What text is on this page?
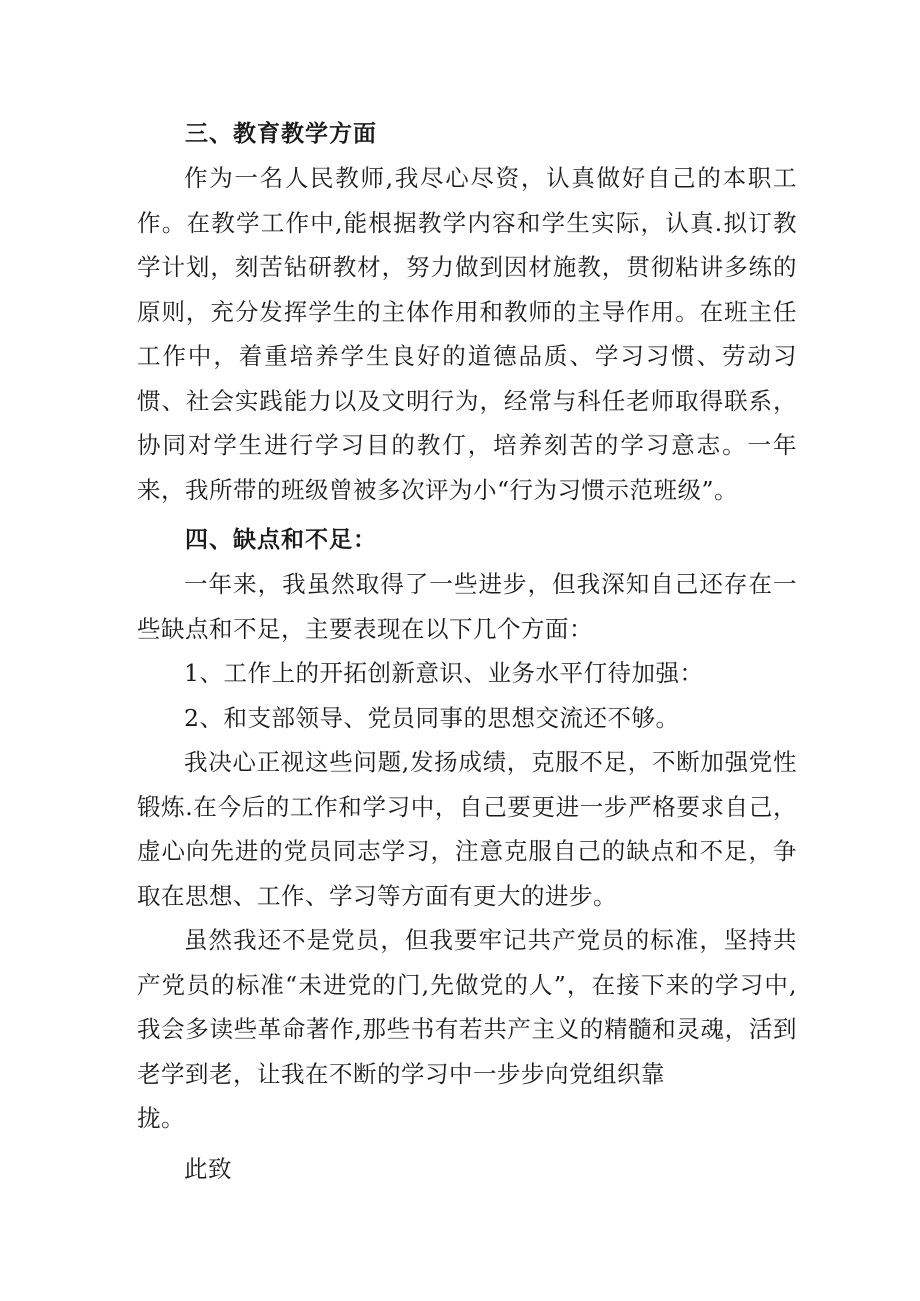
三、教育教学方面

作为一名人民教师,我尽心尽资，认真做好自己的本职工作。在教学工作中,能根据教学内容和学生实际，认真.拟订教学计划，刻苦钻研教材，努力做到因材施教，贯彻粘讲多练的原则，充分发挥学生的主体作用和教师的主导作用。在班主任工作中，着重培养学生良好的道德品质、学习习惯、劳动习惯、社会实践能力以及文明行为，经常与科任老师取得联系，协同对学生进行学习目的教仃，培养刻苦的学习意志。一年来，我所带的班级曾被多次评为小“行为习惯示范班级”。

四、缺点和不足：

一年来，我虽然取得了一些进步，但我深知自己还存在一些缺点和不足，主要表现在以下几个方面：

1、工作上的开拓创新意识、业务水平仃待加强：

2、和支部领导、党员同事的思想交流还不够。

我决心正视这些问题,发扬成绩，克服不足，不断加强党性锻炼.在今后的工作和学习中，自己要更进一步严格要求自己，虚心向先进的党员同志学习，注意克服自己的缺点和不足，争取在思想、工作、学习等方面有更大的进步。

虽然我还不是党员，但我要牢记共产党员的标准，坚持共产党员的标准“未进党的门,先做党的人”，在接下来的学习中,我会多读些革命著作,那些书有若共产主义的精髓和灵魂，活到老学到老，让我在不断的学习中一步步向党组织靠

拢。

此致
